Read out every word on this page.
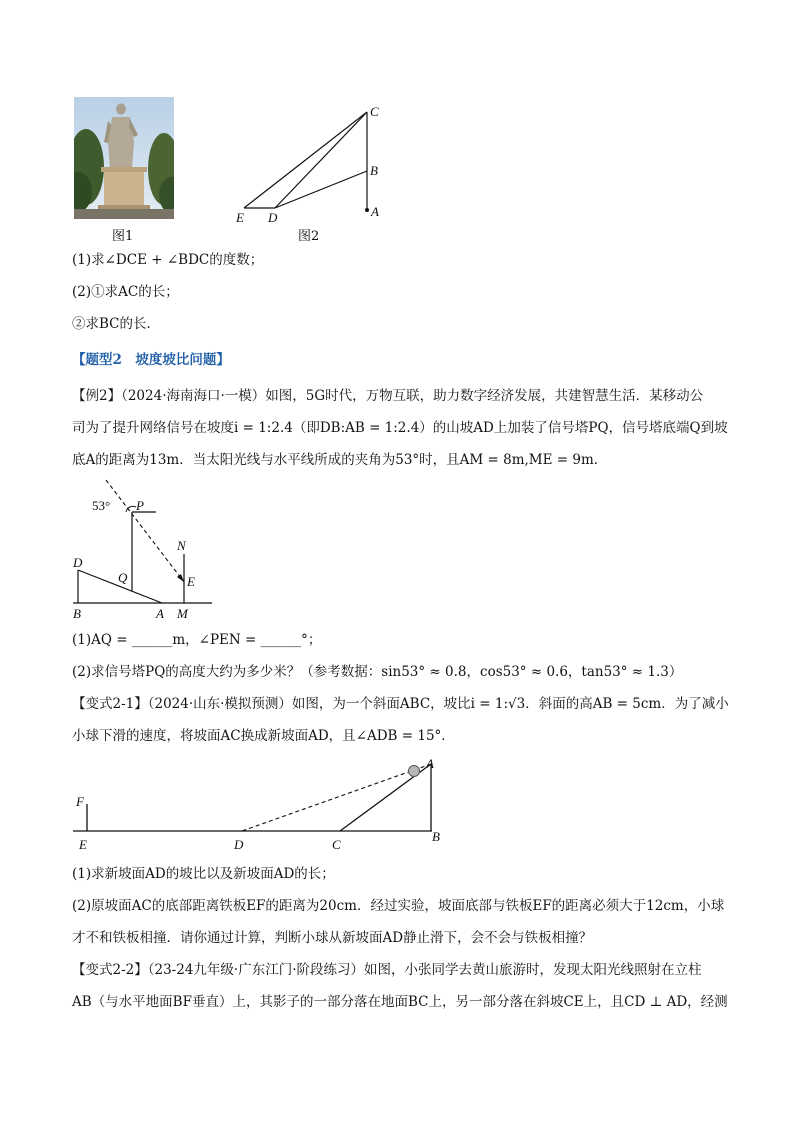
图1
C
B
A
E D
图2
(1)求∠DCE + ∠BDC的度数；
(2)①求AC的长；
②求BC的长．
【题型2　坡度坡比问题】
【例2】（2024·海南海口·一模）如图，5G时代，万物互联，助力数字经济发展，共建智慧生活．某移动公
司为了提升网络信号在坡度i = 1:2.4（即DB:AB = 1:2.4）的山坡AD上加装了信号塔PQ，信号塔底端Q到坡
底A的距离为13m．当太阳光线与水平线所成的夹角为53°时，且AM = 8m,ME = 9m．
53° P
N
D
Q	E
B	A M
(1)AQ = ______m，∠PEN = ______°；
(2)求信号塔PQ的高度大约为多少米？（参考数据：sin53° ≈ 0.8，cos53° ≈ 0.6，tan53° ≈ 1.3）
【变式2-1】（2024·山东·模拟预测）如图，为一个斜面ABC，坡比i = 1:√3．斜面的高AB = 5cm．为了减小
小球下滑的速度，将坡面AC换成新坡面AD，且∠ADB = 15°．
A
F
E	D	C
B
(1)求新坡面AD的坡比以及新坡面AD的长；
(2)原坡面AC的底部距离铁板EF的距离为20cm．经过实验，坡面底部与铁板EF的距离必须大于12cm，小球
才不和铁板相撞．请你通过计算，判断小球从新坡面AD静止滑下，会不会与铁板相撞？
【变式2-2】（23-24九年级·广东江门·阶段练习）如图，小张同学去黄山旅游时，发现太阳光线照射在立柱
AB（与水平地面BF垂直）上，其影子的一部分落在地面BC上，另一部分落在斜坡CE上，且CD ⊥ AD，经测
